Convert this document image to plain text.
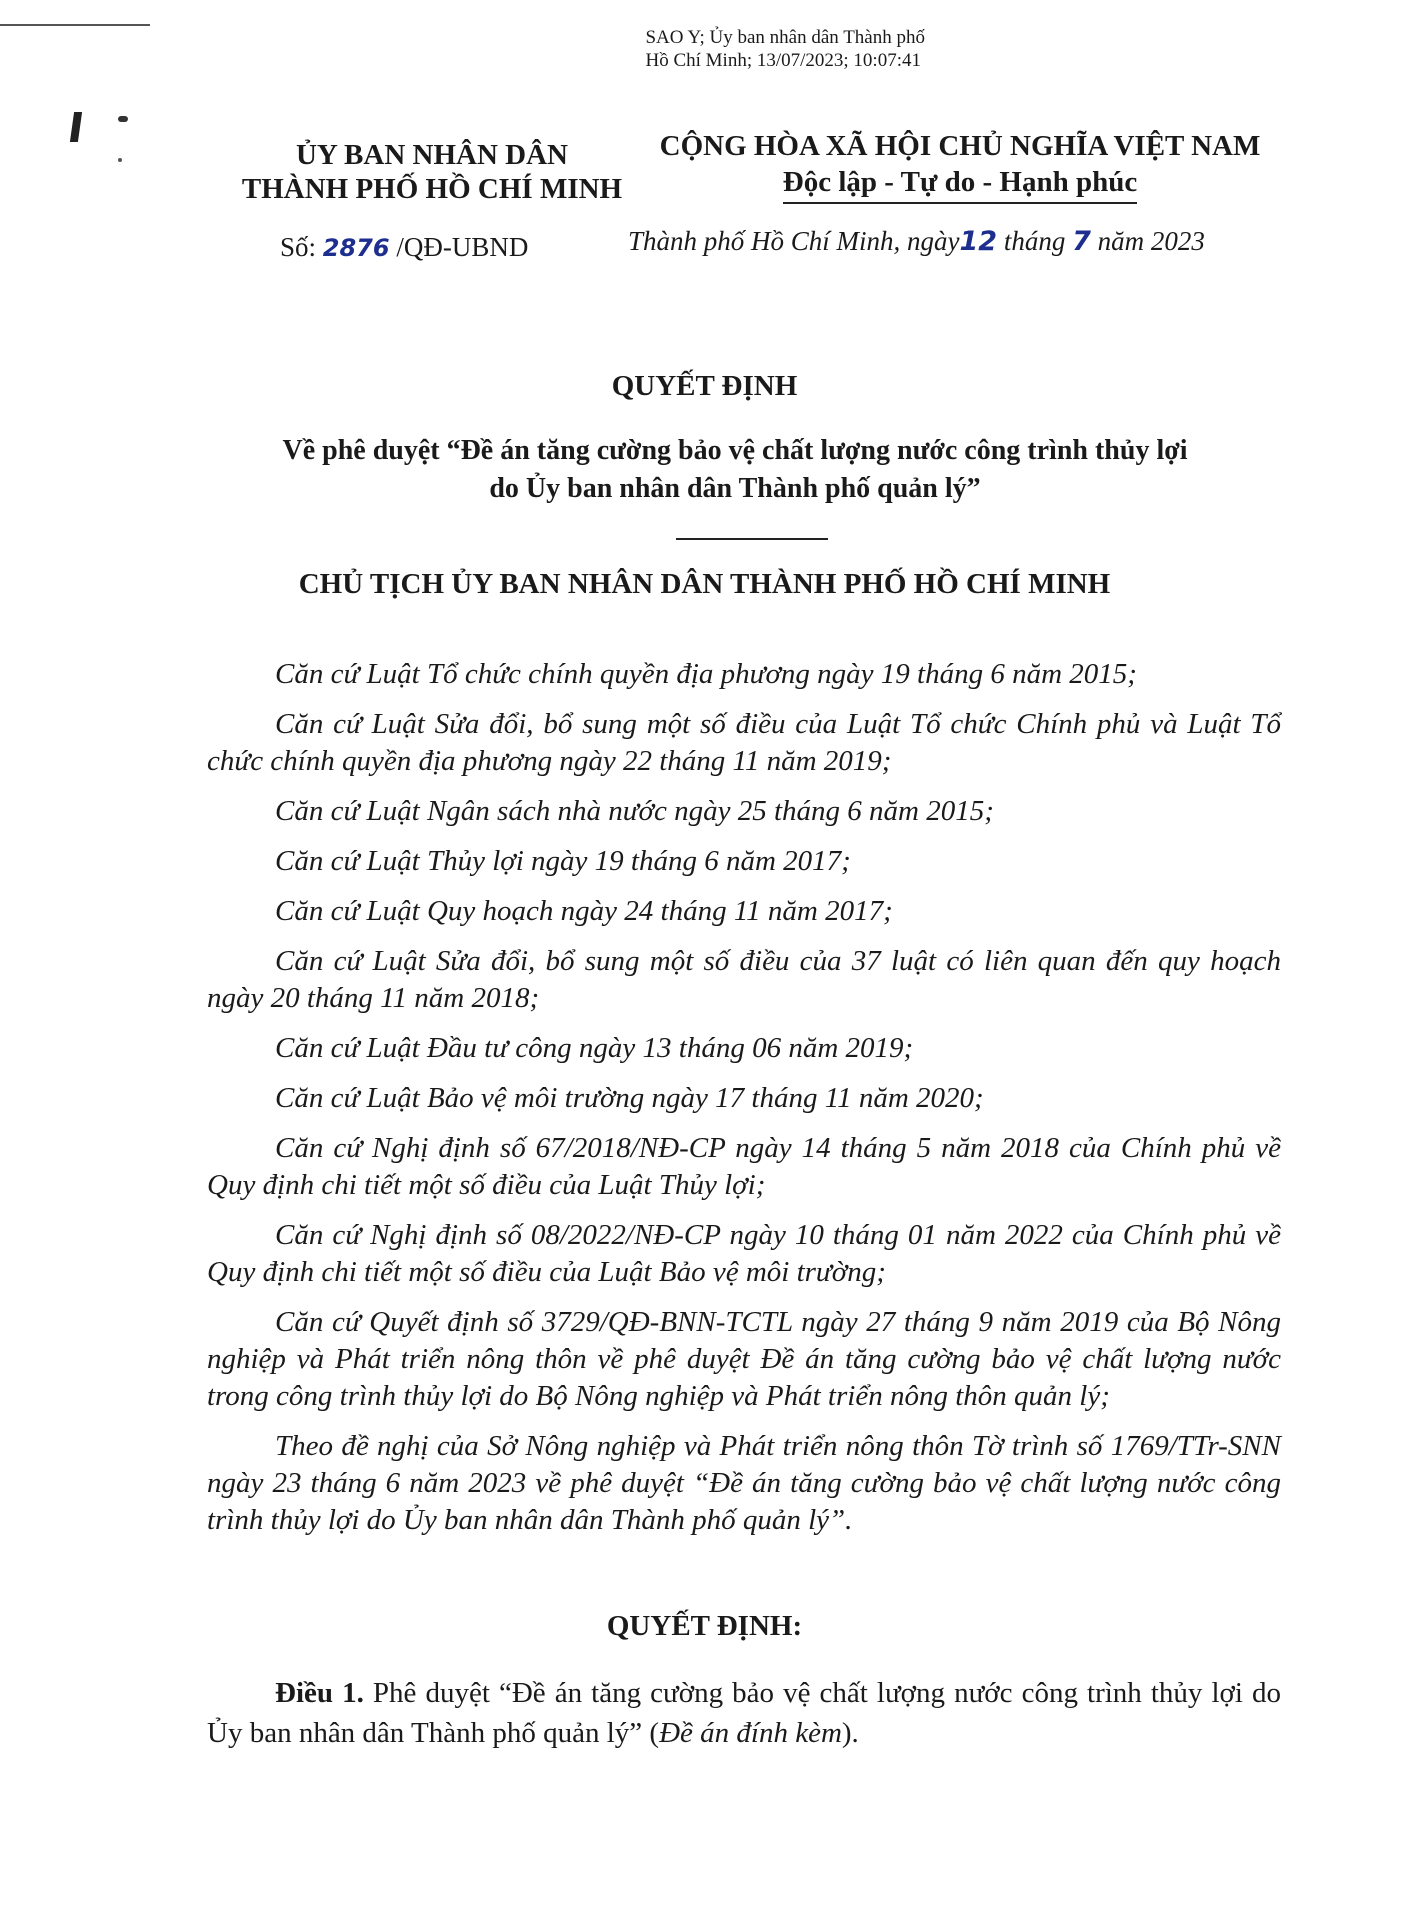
SAO Y; Ủy ban nhân dân Thành phố
Hồ Chí Minh; 13/07/2023; 10:07:41
ỦY BAN NHÂN DÂN
THÀNH PHỐ HỒ CHÍ MINH
CỘNG HÒA XÃ HỘI CHỦ NGHĨA VIỆT NAM
Độc lập - Tự do - Hạnh phúc
Số: 2876 /QĐ-UBND	Thành phố Hồ Chí Minh, ngày12 tháng 7 năm 2023
QUYẾT ĐỊNH
Về phê duyệt “Đề án tăng cường bảo vệ chất lượng nước công trình thủy lợi
do Ủy ban nhân dân Thành phố quản lý”
CHỦ TỊCH ỦY BAN NHÂN DÂN THÀNH PHỐ HỒ CHÍ MINH

Căn cứ Luật Tổ chức chính quyền địa phương ngày 19 tháng 6 năm 2015;

Căn cứ Luật Sửa đổi, bổ sung một số điều của Luật Tổ chức Chính phủ và Luật Tổ chức chính quyền địa phương ngày 22 tháng 11 năm 2019;

Căn cứ Luật Ngân sách nhà nước ngày 25 tháng 6 năm 2015;

Căn cứ Luật Thủy lợi ngày 19 tháng 6 năm 2017;

Căn cứ Luật Quy hoạch ngày 24 tháng 11 năm 2017;

Căn cứ Luật Sửa đổi, bổ sung một số điều của 37 luật có liên quan đến quy hoạch ngày 20 tháng 11 năm 2018;

Căn cứ Luật Đầu tư công ngày 13 tháng 06 năm 2019;

Căn cứ Luật Bảo vệ môi trường ngày 17 tháng 11 năm 2020;

Căn cứ Nghị định số 67/2018/NĐ-CP ngày 14 tháng 5 năm 2018 của Chính phủ về Quy định chi tiết một số điều của Luật Thủy lợi;

Căn cứ Nghị định số 08/2022/NĐ-CP ngày 10 tháng 01 năm 2022 của Chính phủ về Quy định chi tiết một số điều của Luật Bảo vệ môi trường;

Căn cứ Quyết định số 3729/QĐ-BNN-TCTL ngày 27 tháng 9 năm 2019 của Bộ Nông nghiệp và Phát triển nông thôn về phê duyệt Đề án tăng cường bảo vệ chất lượng nước trong công trình thủy lợi do Bộ Nông nghiệp và Phát triển nông thôn quản lý;

Theo đề nghị của Sở Nông nghiệp và Phát triển nông thôn Tờ trình số 1769/TTr-SNN ngày 23 tháng 6 năm 2023 về phê duyệt “Đề án tăng cường bảo vệ chất lượng nước công trình thủy lợi do Ủy ban nhân dân Thành phố quản lý”.

QUYẾT ĐỊNH:

Điều 1. Phê duyệt “Đề án tăng cường bảo vệ chất lượng nước công trình thủy lợi do Ủy ban nhân dân Thành phố quản lý” (Đề án đính kèm).
